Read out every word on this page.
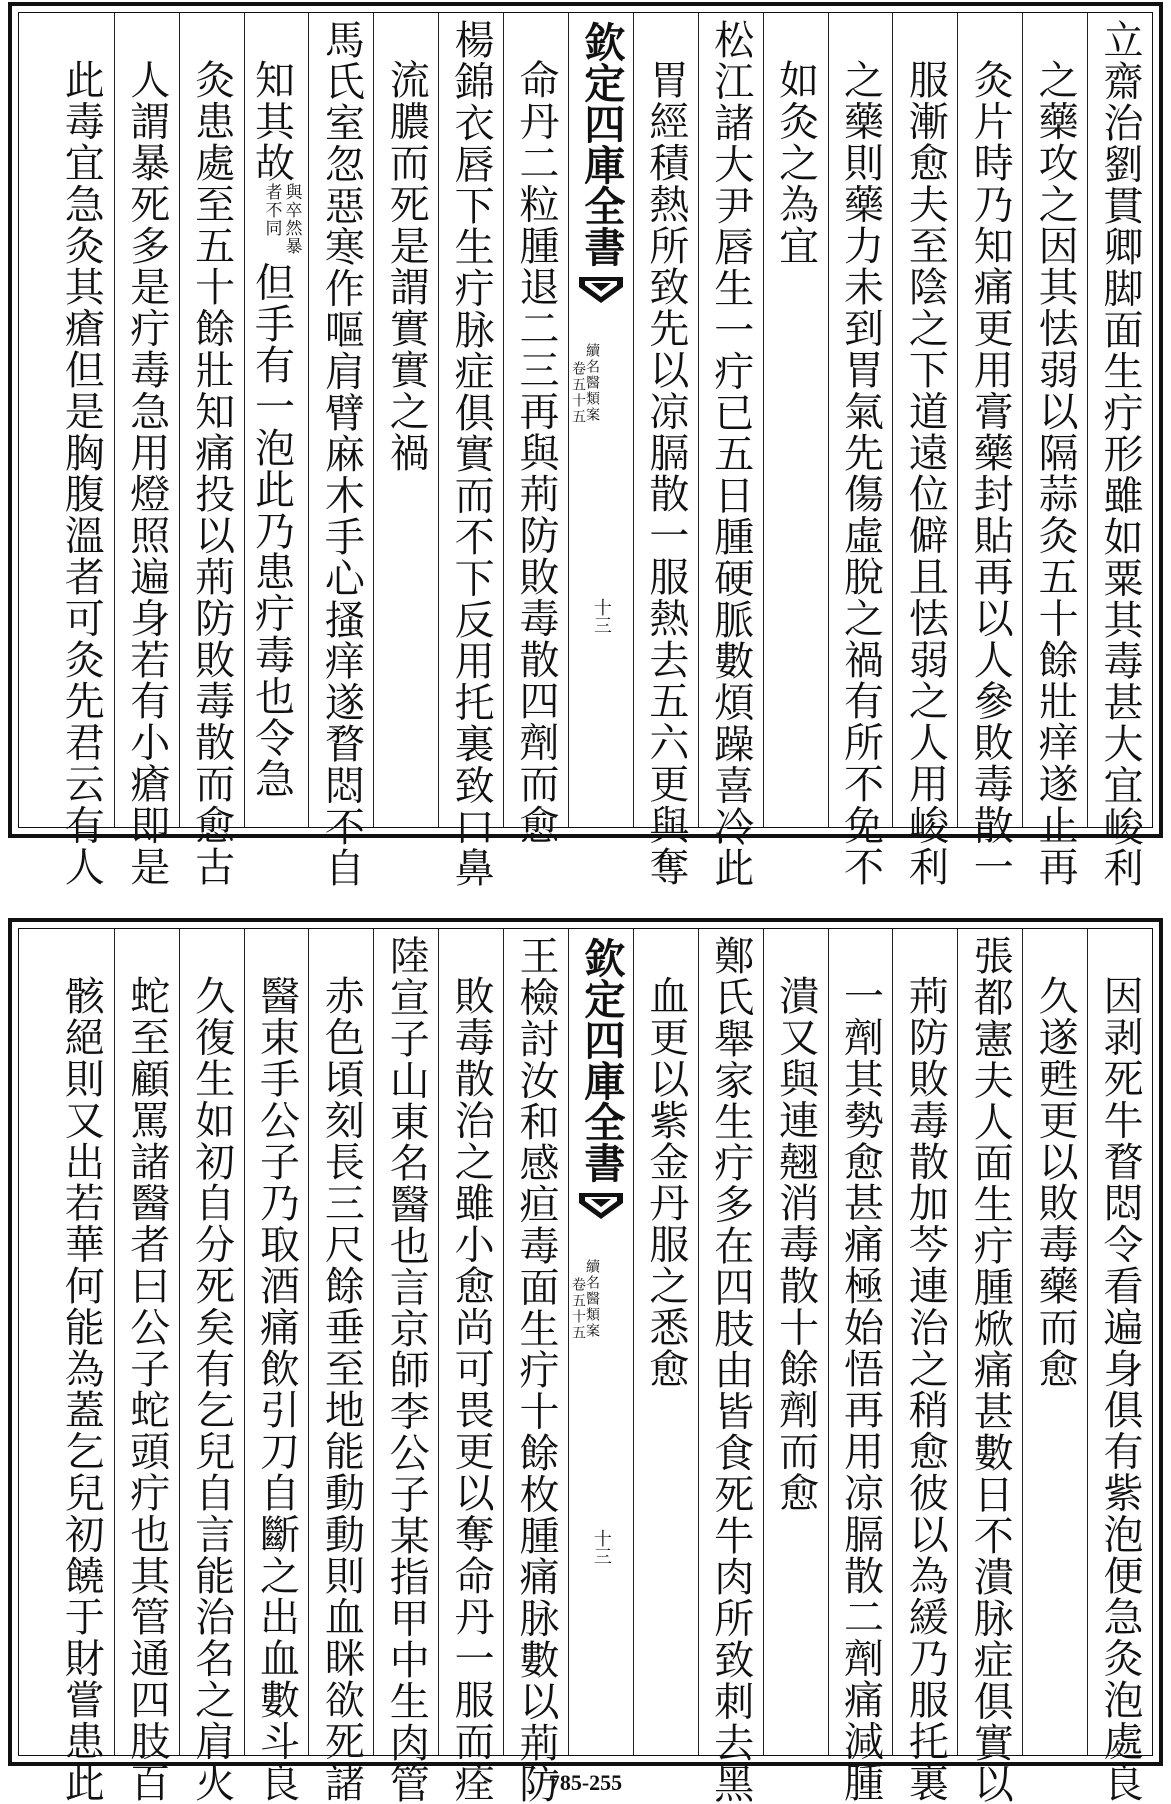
立齋治劉貫卿脚面生疔形雖如粟其毒甚大宜峻利
之藥攻之因其怯弱以隔蒜灸五十餘壯痒遂止再
灸片時乃知痛更用膏藥封貼再以人參敗毒散一
服漸愈夫至陰之下道遠位僻且怯弱之人用峻利
之藥則藥力未到胃氣先傷虛脫之禍有所不免不
如灸之為宜
松江諸大尹唇生一疔已五日腫硬脈數煩躁喜冷此
胃經積熱所致先以凉膈散一服熱去五六更與奪
欽定四庫全書
續名醫類案
卷五十五
十三
命丹二粒腫退二三再與荊防敗毒散四劑而愈
楊錦衣唇下生疔脉症俱實而不下反用托裏致口鼻
流膿而死是謂實實之禍
馬氏室忽惡寒作嘔肩臂麻木手心搔痒遂瞀悶不自
知其故與卒然暴者不同但手有一泡此乃患疔毒也令急
灸患處至五十餘壯知痛投以荊防敗毒散而愈古
人謂暴死多是疔毒急用燈照遍身若有小瘡即是
此毒宜急灸其瘡但是胸腹溫者可灸先君云有人
因剥死牛瞀悶令看遍身俱有紫泡便急灸泡處良
久遂甦更以敗毒藥而愈
張都憲夫人面生疔腫焮痛甚數日不潰脉症俱實以
荊防敗毒散加芩連治之稍愈彼以為緩乃服托裏
一劑其勢愈甚痛極始悟再用凉膈散二劑痛減腫
潰又與連翹消毒散十餘劑而愈
鄭氏舉家生疔多在四肢由皆食死牛肉所致刺去黑
血更以紫金丹服之悉愈
欽定四庫全書
續名醫類案
卷五十五
十三
王檢討汝和感疸毒面生疔十餘枚腫痛脉數以荊防
敗毒散治之雖小愈尚可畏更以奪命丹一服而痊
陸宣子山東名醫也言京師李公子某指甲中生肉管
赤色頃刻長三尺餘垂至地能動動則血眯欲死諸
醫束手公子乃取酒痛飲引刀自斷之出血數斗良
久復生如初自分死矣有乞兒自言能治名之肩火
蛇至顧罵諸醫者曰公子蛇頭疔也其管通四肢百
骸絕則又出若華何能為蓋乞兒初饒于財嘗患此	785-255
